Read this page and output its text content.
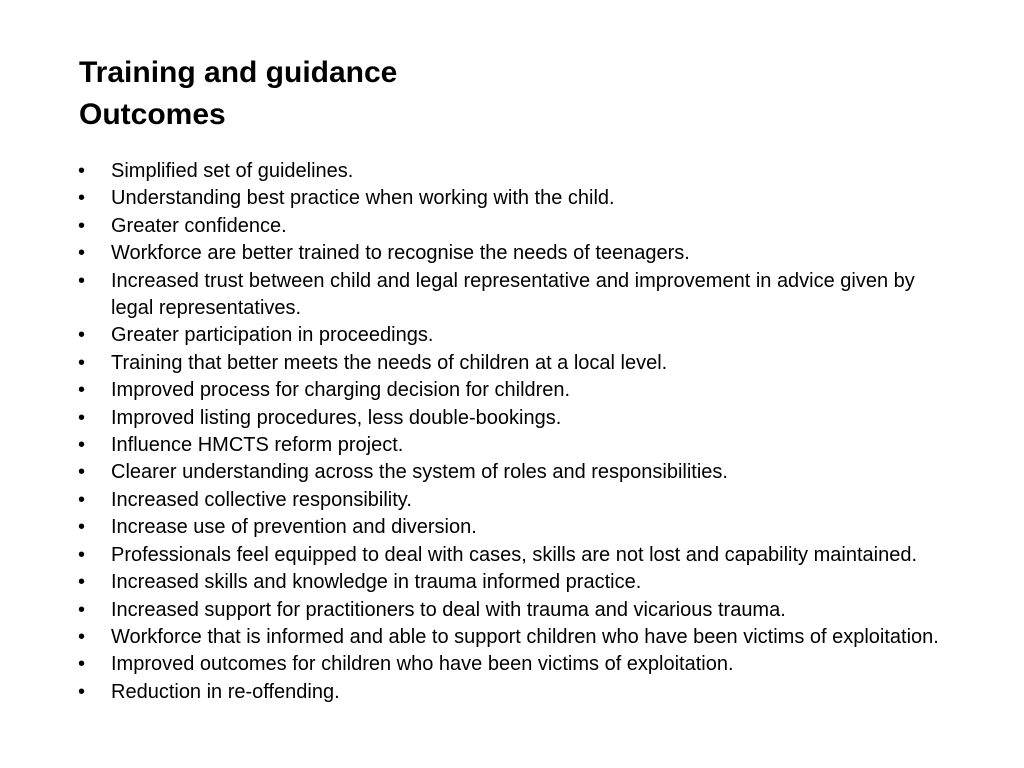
Training and guidance
Outcomes
•	Simplified set of guidelines.
•	Understanding best practice when working with the child.
•	Greater confidence.
•	Workforce are better trained to recognise the needs of teenagers.
•	Increased trust between child and legal representative and improvement in advice given by legal representatives.
•	Greater participation in proceedings.
•	Training that better meets the needs of children at a local level.
•	Improved process for charging decision for children.
•	Improved listing procedures, less double-bookings.
•	Influence HMCTS reform project.
•	Clearer understanding across the system of roles and responsibilities.
•	Increased collective responsibility.
•	Increase use of prevention and diversion.
•	Professionals feel equipped to deal with cases, skills are not lost and capability maintained.
•	Increased skills and knowledge in trauma informed practice.
•	Increased support for practitioners to deal with trauma and vicarious trauma.
•	Workforce that is informed and able to support children who have been victims of exploitation.
•	Improved outcomes for children who have been victims of exploitation.
•	Reduction in re-offending.
